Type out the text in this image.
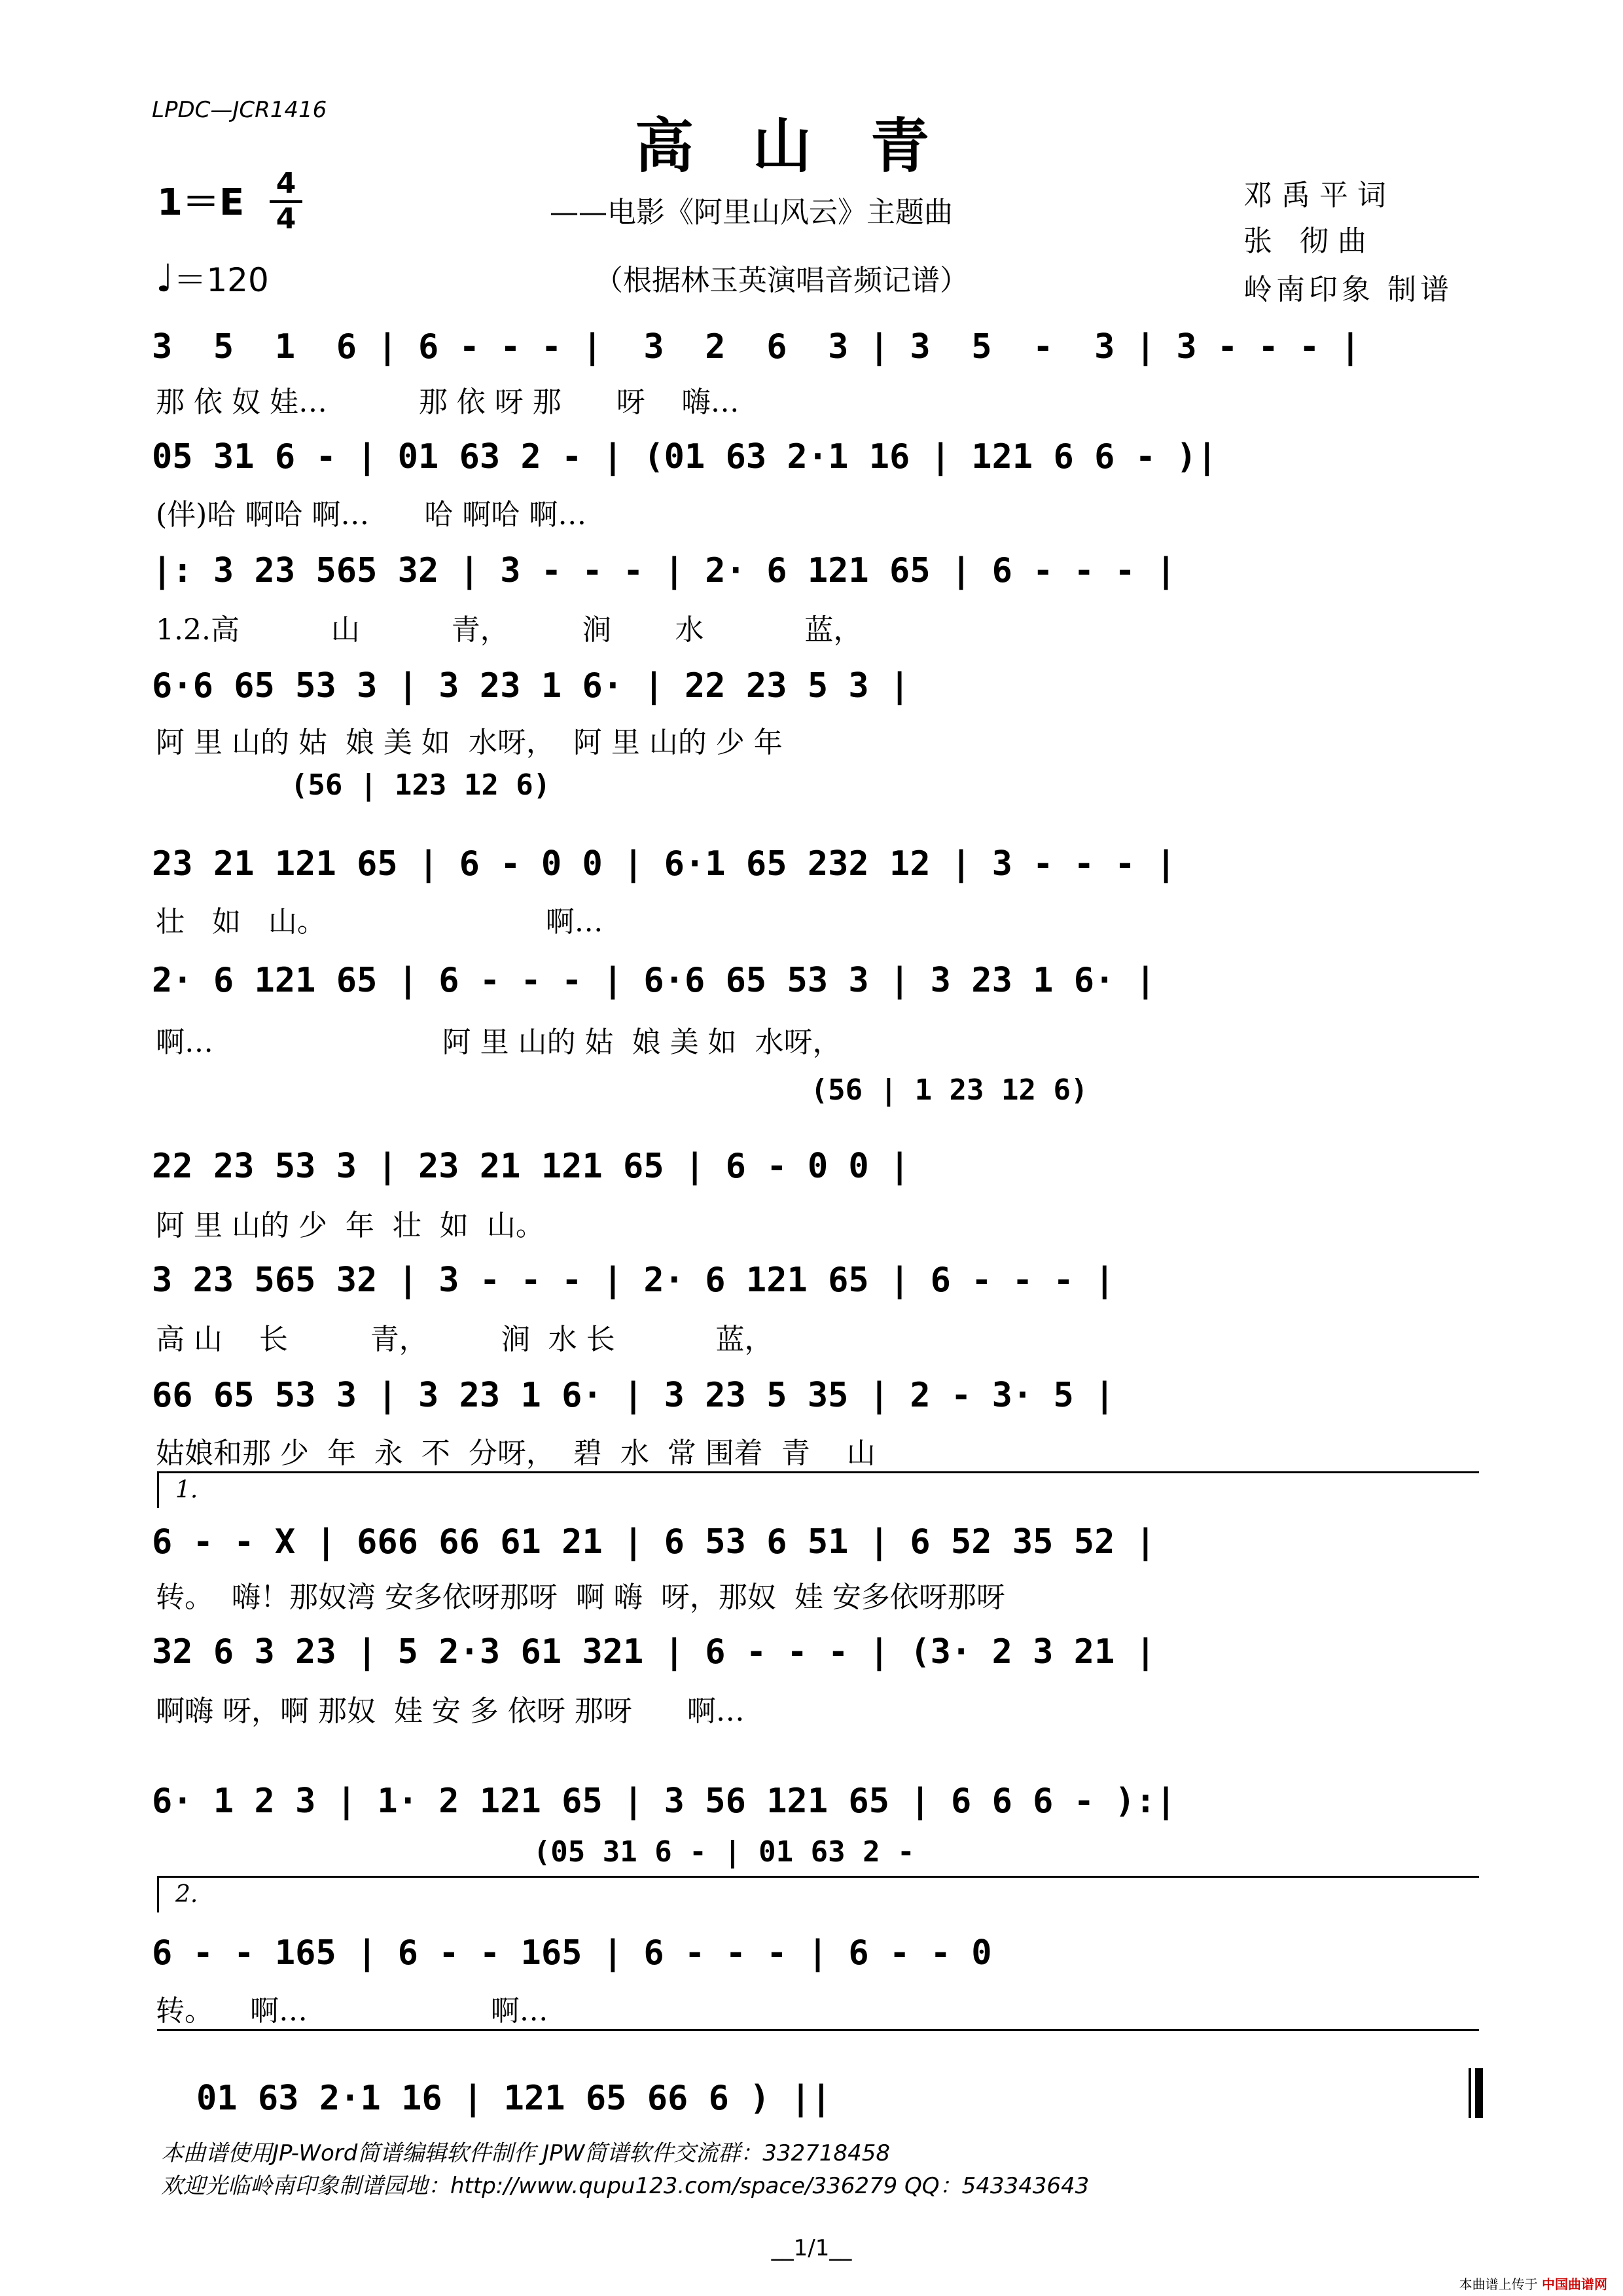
LPDC—JCR1416
高山青
1＝E 4
4
♩＝120
——电影《阿里山风云》主题曲
（根据林玉英演唱音频记谱）
邓禹平词
张 彻曲
岭南印象 制谱
3  5  1  6 | 6 - - - |  3  2  6  3 | 3  5  -  3 | 3 - - - |
那 依 奴 娃…          那 依 呀 那      呀    嗨…
05 31 6 - | 01 63 2 - | (01 63 2·1 16 | 121 6 6 - )|
(伴)哈 啊哈 啊…      哈 啊哈 啊…
|: 3 23 565 32 | 3 - - - | 2· 6 121 65 | 6 - - - |
1.2.高          山          青，        涧       水           蓝，
6·6 65 53 3 | 3 23 1 6· | 22 23 5 3 |
阿 里 山的 姑  娘 美 如  水呀，  阿 里 山的 少 年
(56 | 123 12 6)
23 21 121 65 | 6 - 0 0 | 6·1 65 232 12 | 3 - - - |
壮   如   山。                        啊…
2· 6 121 65 | 6 - - - | 6·6 65 53 3 | 3 23 1 6· |
啊…                         阿 里 山的 姑  娘 美 如  水呀，
(56 | 1 23 12 6)
22 23 53 3 | 23 21 121 65 | 6 - 0 0 |
阿 里 山的 少  年  壮  如  山。
3 23 565 32 | 3 - - - | 2· 6 121 65 | 6 - - - |
高 山    长         青，        涧  水 长           蓝，
66 65 53 3 | 3 23 1 6· | 3 23 5 35 | 2 - 3· 5 |
姑娘和那 少  年  永  不  分呀，  碧  水  常 围着  青    山
1.
6 - - X | 666 66 61 21 | 6 53 6 51 | 6 52 35 52 |
转。  嗨！那奴湾 安多依呀那呀  啊 嗨  呀，那奴  娃 安多依呀那呀
32 6 3 23 | 5 2·3 61 321 | 6 - - - | (3· 2 3 21 |
啊嗨 呀，啊 那奴  娃 安 多 依呀 那呀      啊…
6· 1 2 3 | 1· 2 121 65 | 3 56 121 65 | 6 6 6 - ):|
(05 31 6 - | 01 63 2 -
2.
6 - - 165 | 6 - - 165 | 6 - - - | 6 - - 0
转。    啊…                    啊…
01 63 2·1 16 | 121 65 66 6 ) ||
本曲谱使用JP-Word简谱编辑软件制作 JPW简谱软件交流群：332718458
欢迎光临岭南印象制谱园地：http://www.qupu123.com/space/336279 QQ：543343643
__1/1__
本曲谱上传于 中国曲谱网
